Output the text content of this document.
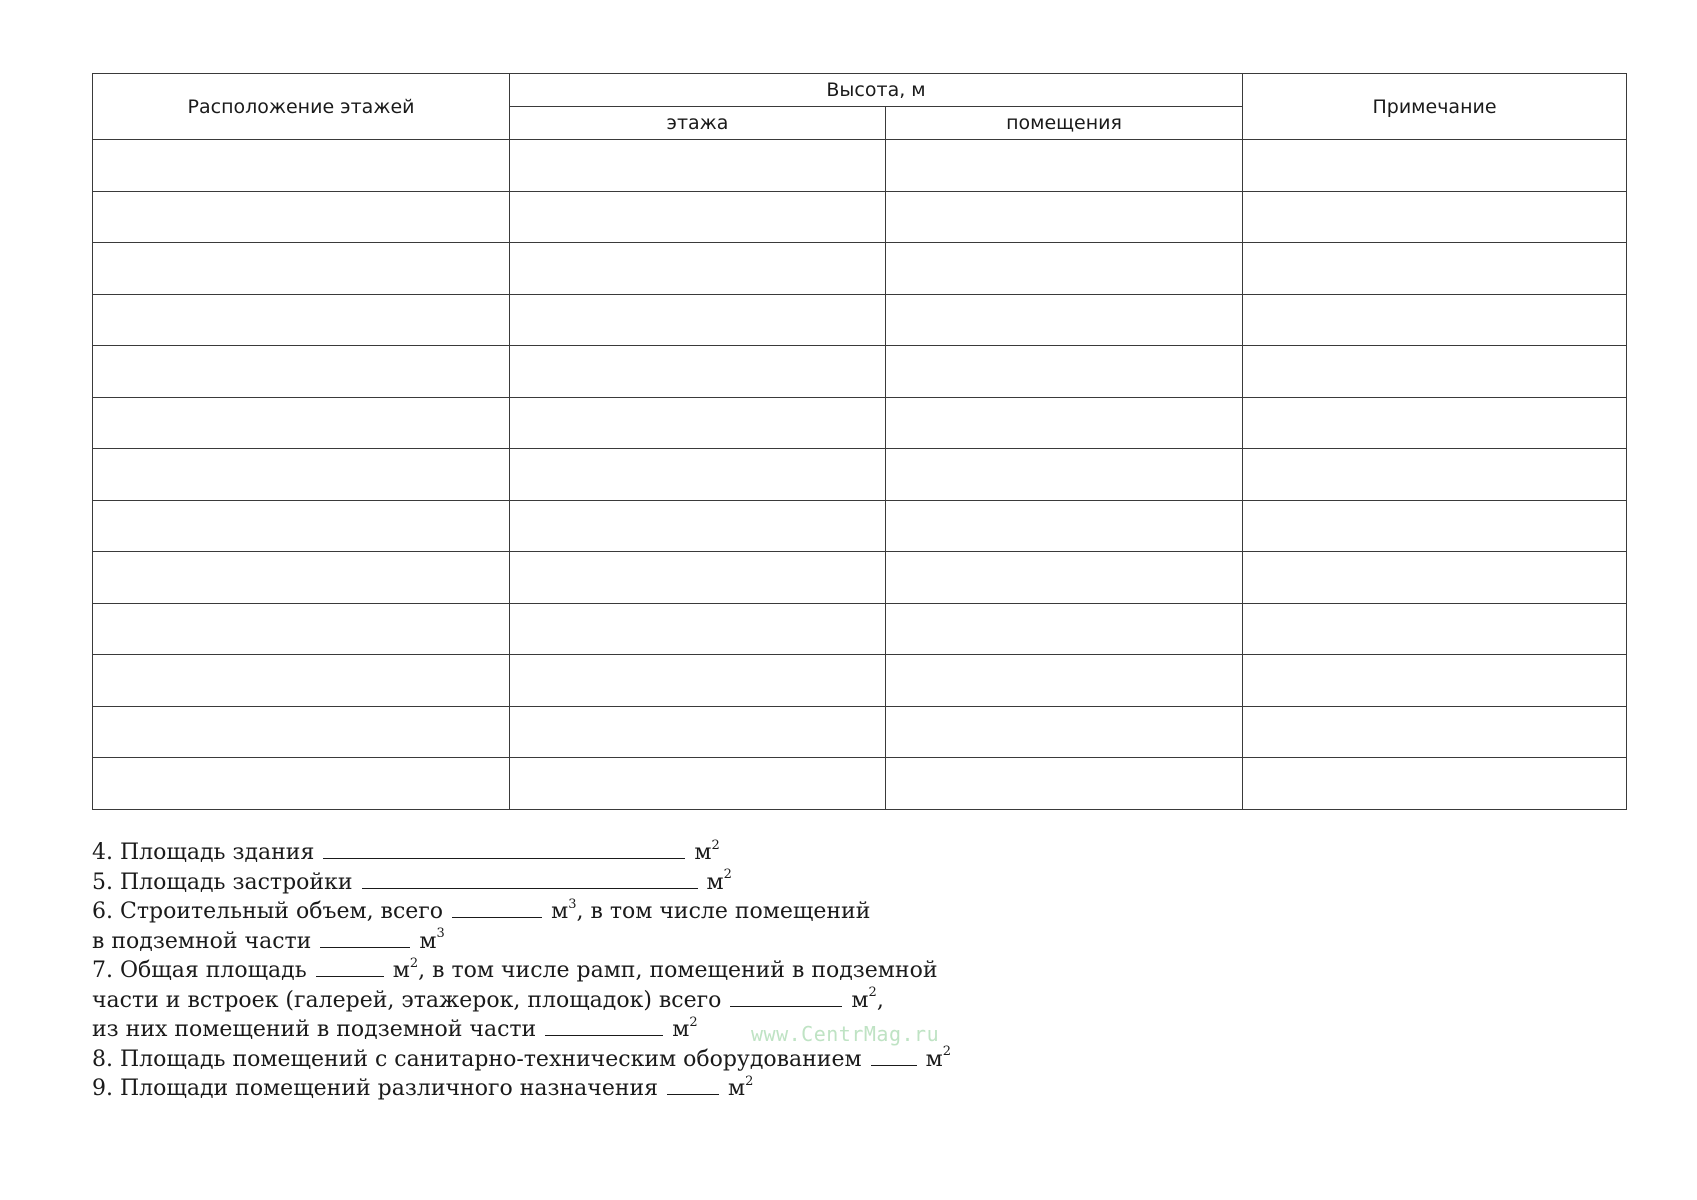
Расположение этажей	Высота, м		Примечание
	этажа	помещения	

4. Площадь здания	$м^2$
5. Площадь застройки	$м^2$
6. Строительный объем, всего	$м^3$, в том числе помещений
в подземной части	$м^3$
7. Общая площадь	$м^2$, в том числе рамп, помещений в подземной
части и встроек (галерей, этажерок, площадок) всего	$м^2$,
из них помещений в подземной части	$м^2$
8. Площадь помещений с санитарно-техническим оборудованием	$м^2$
9. Площади помещений различного назначения	$м^2$
www.CentrMag.ru
